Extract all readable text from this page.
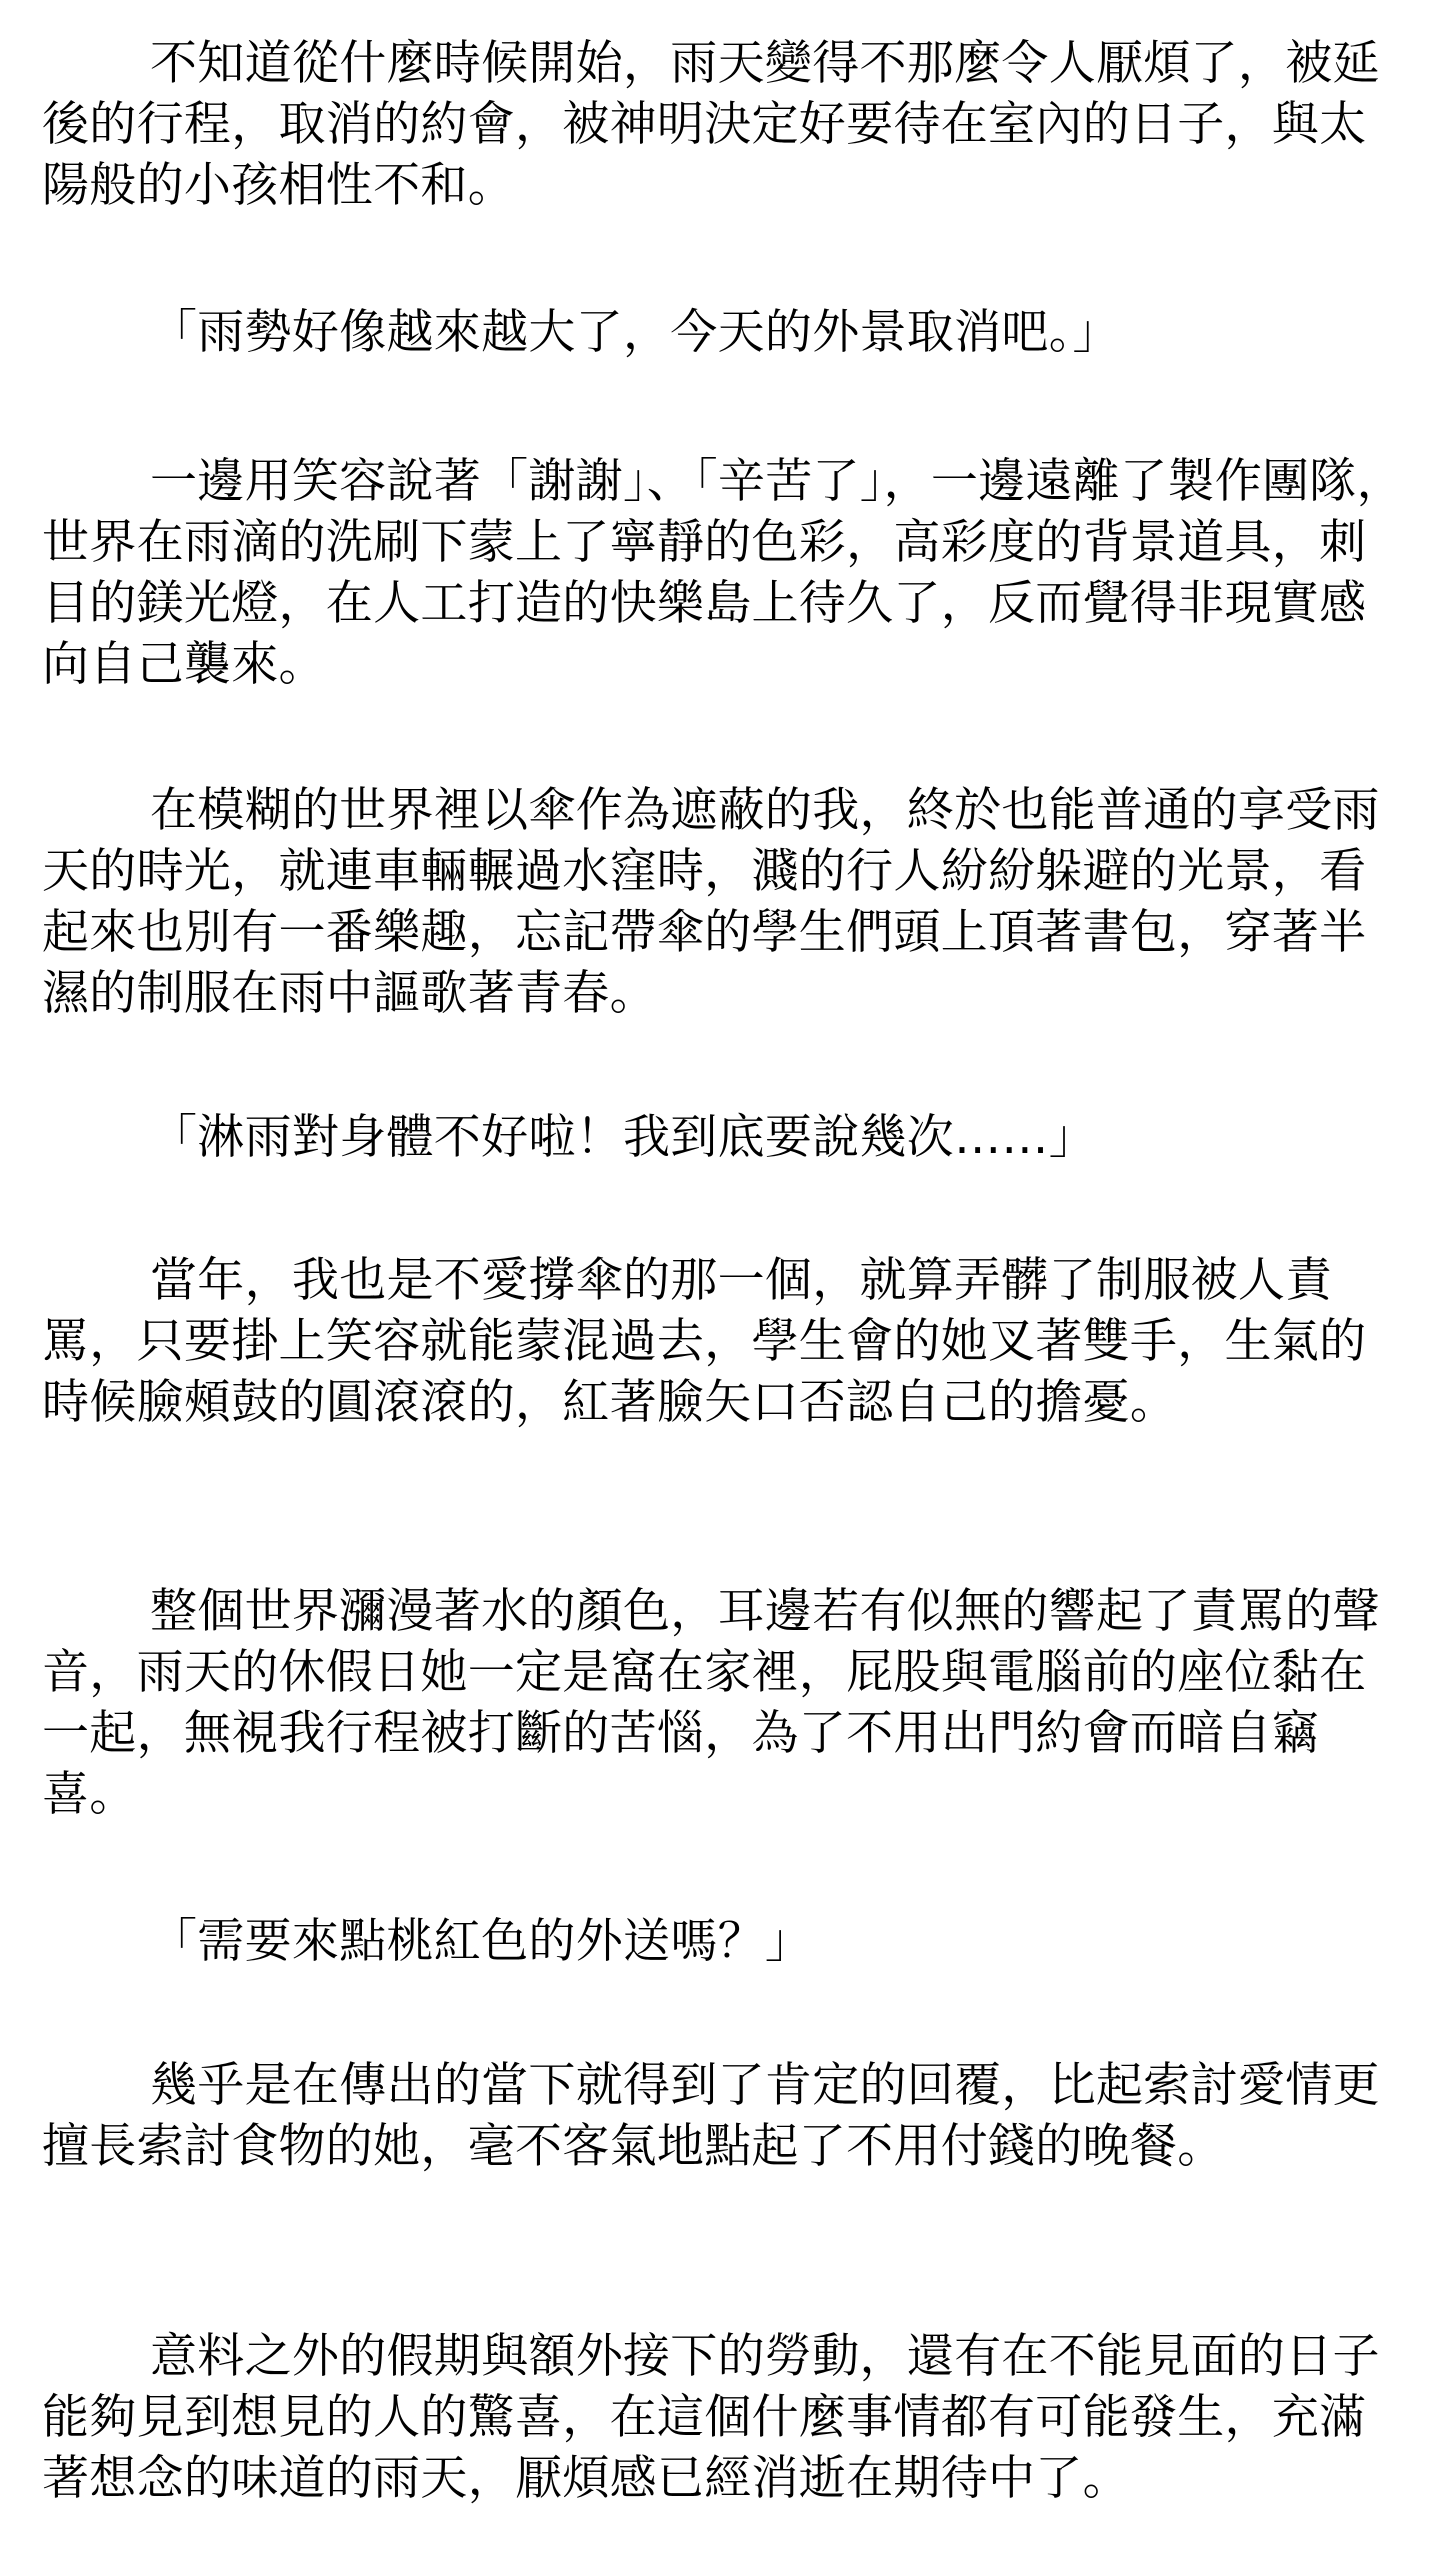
不知道從什麼時候開始，雨天變得不那麼令人厭煩了，被延後的行程，取消的約會，被神明決定好要待在室內的日子，與太陽般的小孩相性不和。

「雨勢好像越來越大了，今天的外景取消吧。」

一邊用笑容說著「謝謝」、「辛苦了」，一邊遠離了製作團隊，世界在雨滴的洗刷下蒙上了寧靜的色彩，高彩度的背景道具，刺目的鎂光燈，在人工打造的快樂島上待久了，反而覺得非現實感向自己襲來。

在模糊的世界裡以傘作為遮蔽的我，終於也能普通的享受雨天的時光，就連車輛輾過水窪時，濺的行人紛紛躲避的光景，看起來也別有一番樂趣，忘記帶傘的學生們頭上頂著書包，穿著半濕的制服在雨中謳歌著青春。

「淋雨對身體不好啦！我到底要說幾次……」

當年，我也是不愛撐傘的那一個，就算弄髒了制服被人責罵，只要掛上笑容就能蒙混過去，學生會的她叉著雙手，生氣的時候臉頰鼓的圓滾滾的，紅著臉矢口否認自己的擔憂。

整個世界瀰漫著水的顏色，耳邊若有似無的響起了責罵的聲音，雨天的休假日她一定是窩在家裡，屁股與電腦前的座位黏在一起，無視我行程被打斷的苦惱，為了不用出門約會而暗自竊喜。

「需要來點桃紅色的外送嗎？」

幾乎是在傳出的當下就得到了肯定的回覆，比起索討愛情更擅長索討食物的她，毫不客氣地點起了不用付錢的晚餐。

意料之外的假期與額外接下的勞動，還有在不能見面的日子能夠見到想見的人的驚喜，在這個什麼事情都有可能發生，充滿著想念的味道的雨天，厭煩感已經消逝在期待中了。
